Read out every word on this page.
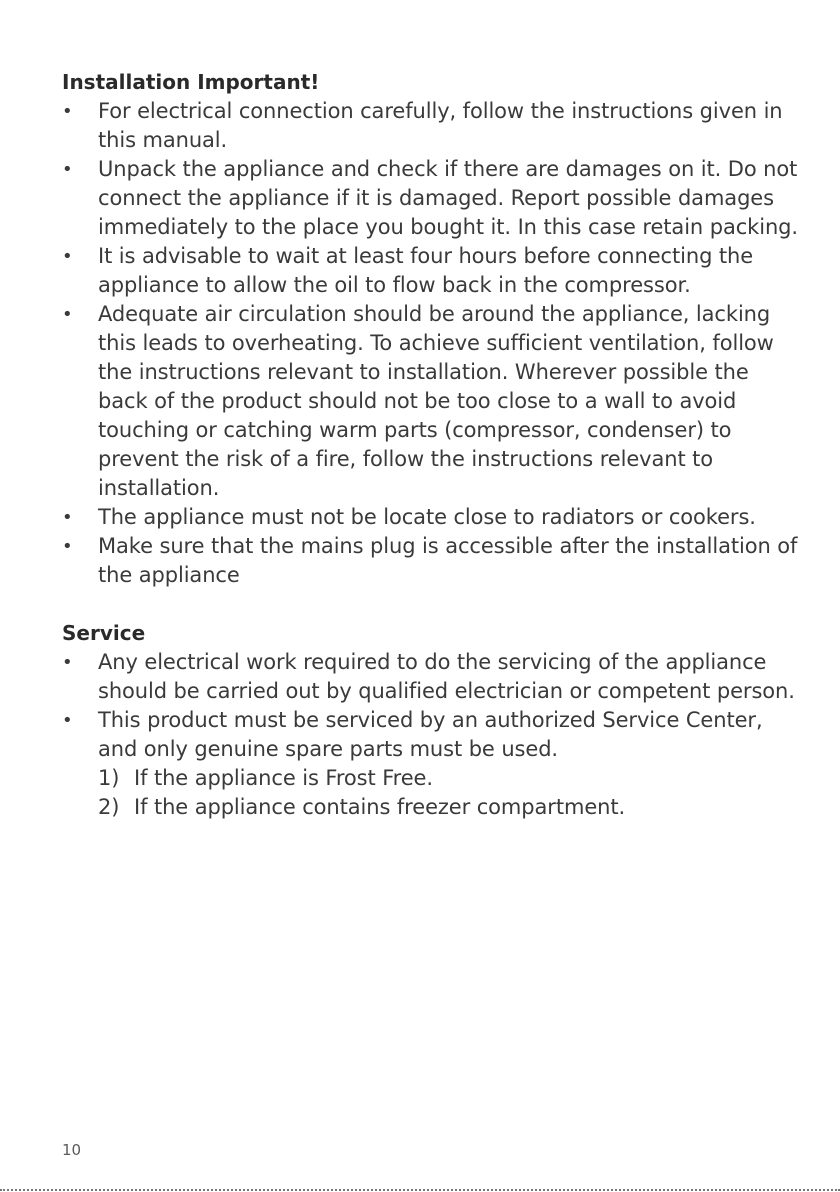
Installation Important!
•	For electrical connection carefully, follow the instructions given in this manual.
•	Unpack the appliance and check if there are damages on it. Do not connect the appliance if it is damaged. Report possible damages immediately to the place you bought it. In this case retain packing.
•	It is advisable to wait at least four hours before connecting the appliance to allow the oil to flow back in the compressor.
•	Adequate air circulation should be around the appliance, lacking this leads to overheating. To achieve sufficient ventilation, follow the instructions relevant to installation. Wherever possible the back of the product should not be too close to a wall to avoid touching or catching warm parts (compressor, condenser) to prevent the risk of a fire, follow the instructions relevant to installation.
•	The appliance must not be locate close to radiators or cookers.
•	Make sure that the mains plug is accessible after the installation of the appliance
Service
•	Any electrical work required to do the servicing of the appliance should be carried out by qualified electrician or competent person.
•	This product must be serviced by an authorized Service Center, and only genuine spare parts must be used.
1) If the appliance is Frost Free.
2) If the appliance contains freezer compartment.
10
